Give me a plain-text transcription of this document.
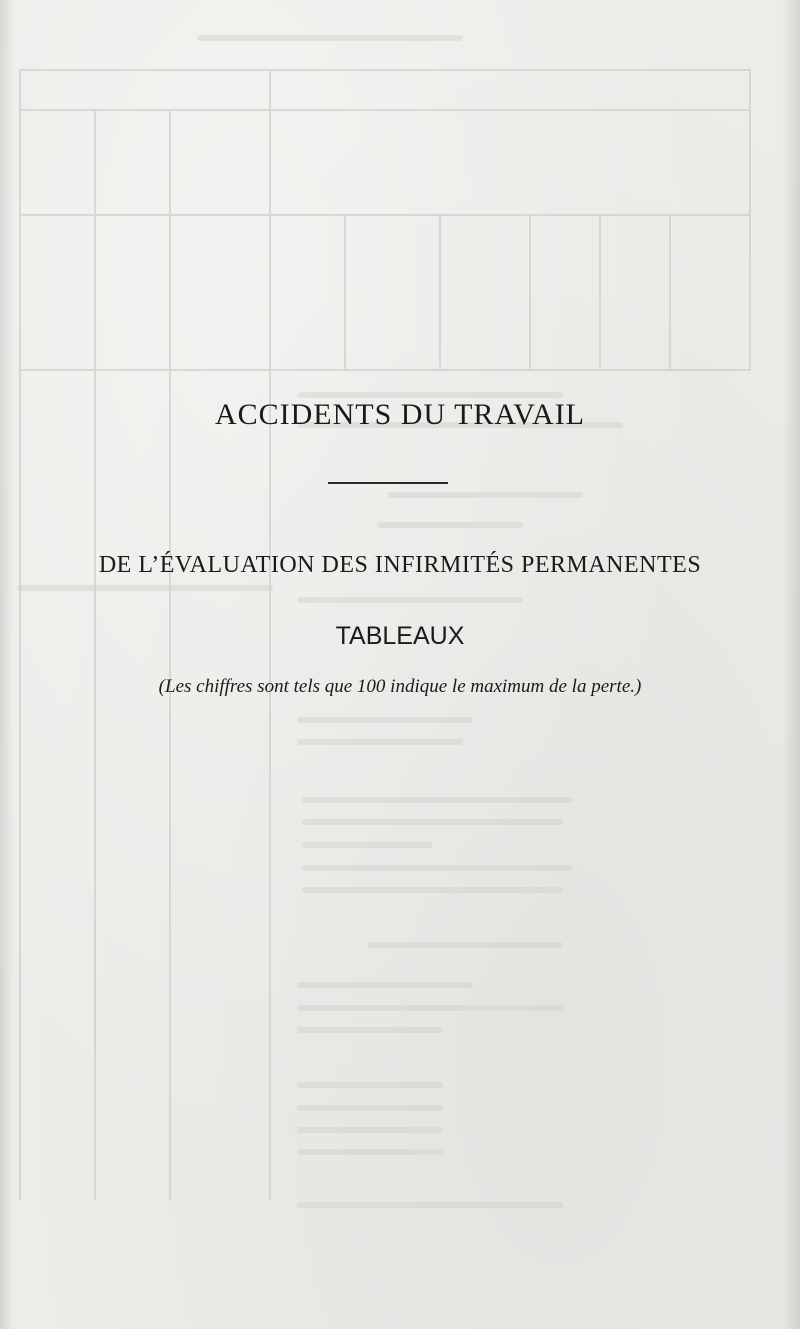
ACCIDENTS DU TRAVAIL
DE L’ÉVALUATION DES INFIRMITÉS PERMANENTES
TABLEAUX
(Les chiffres sont tels que 100 indique le maximum de la perte.)
